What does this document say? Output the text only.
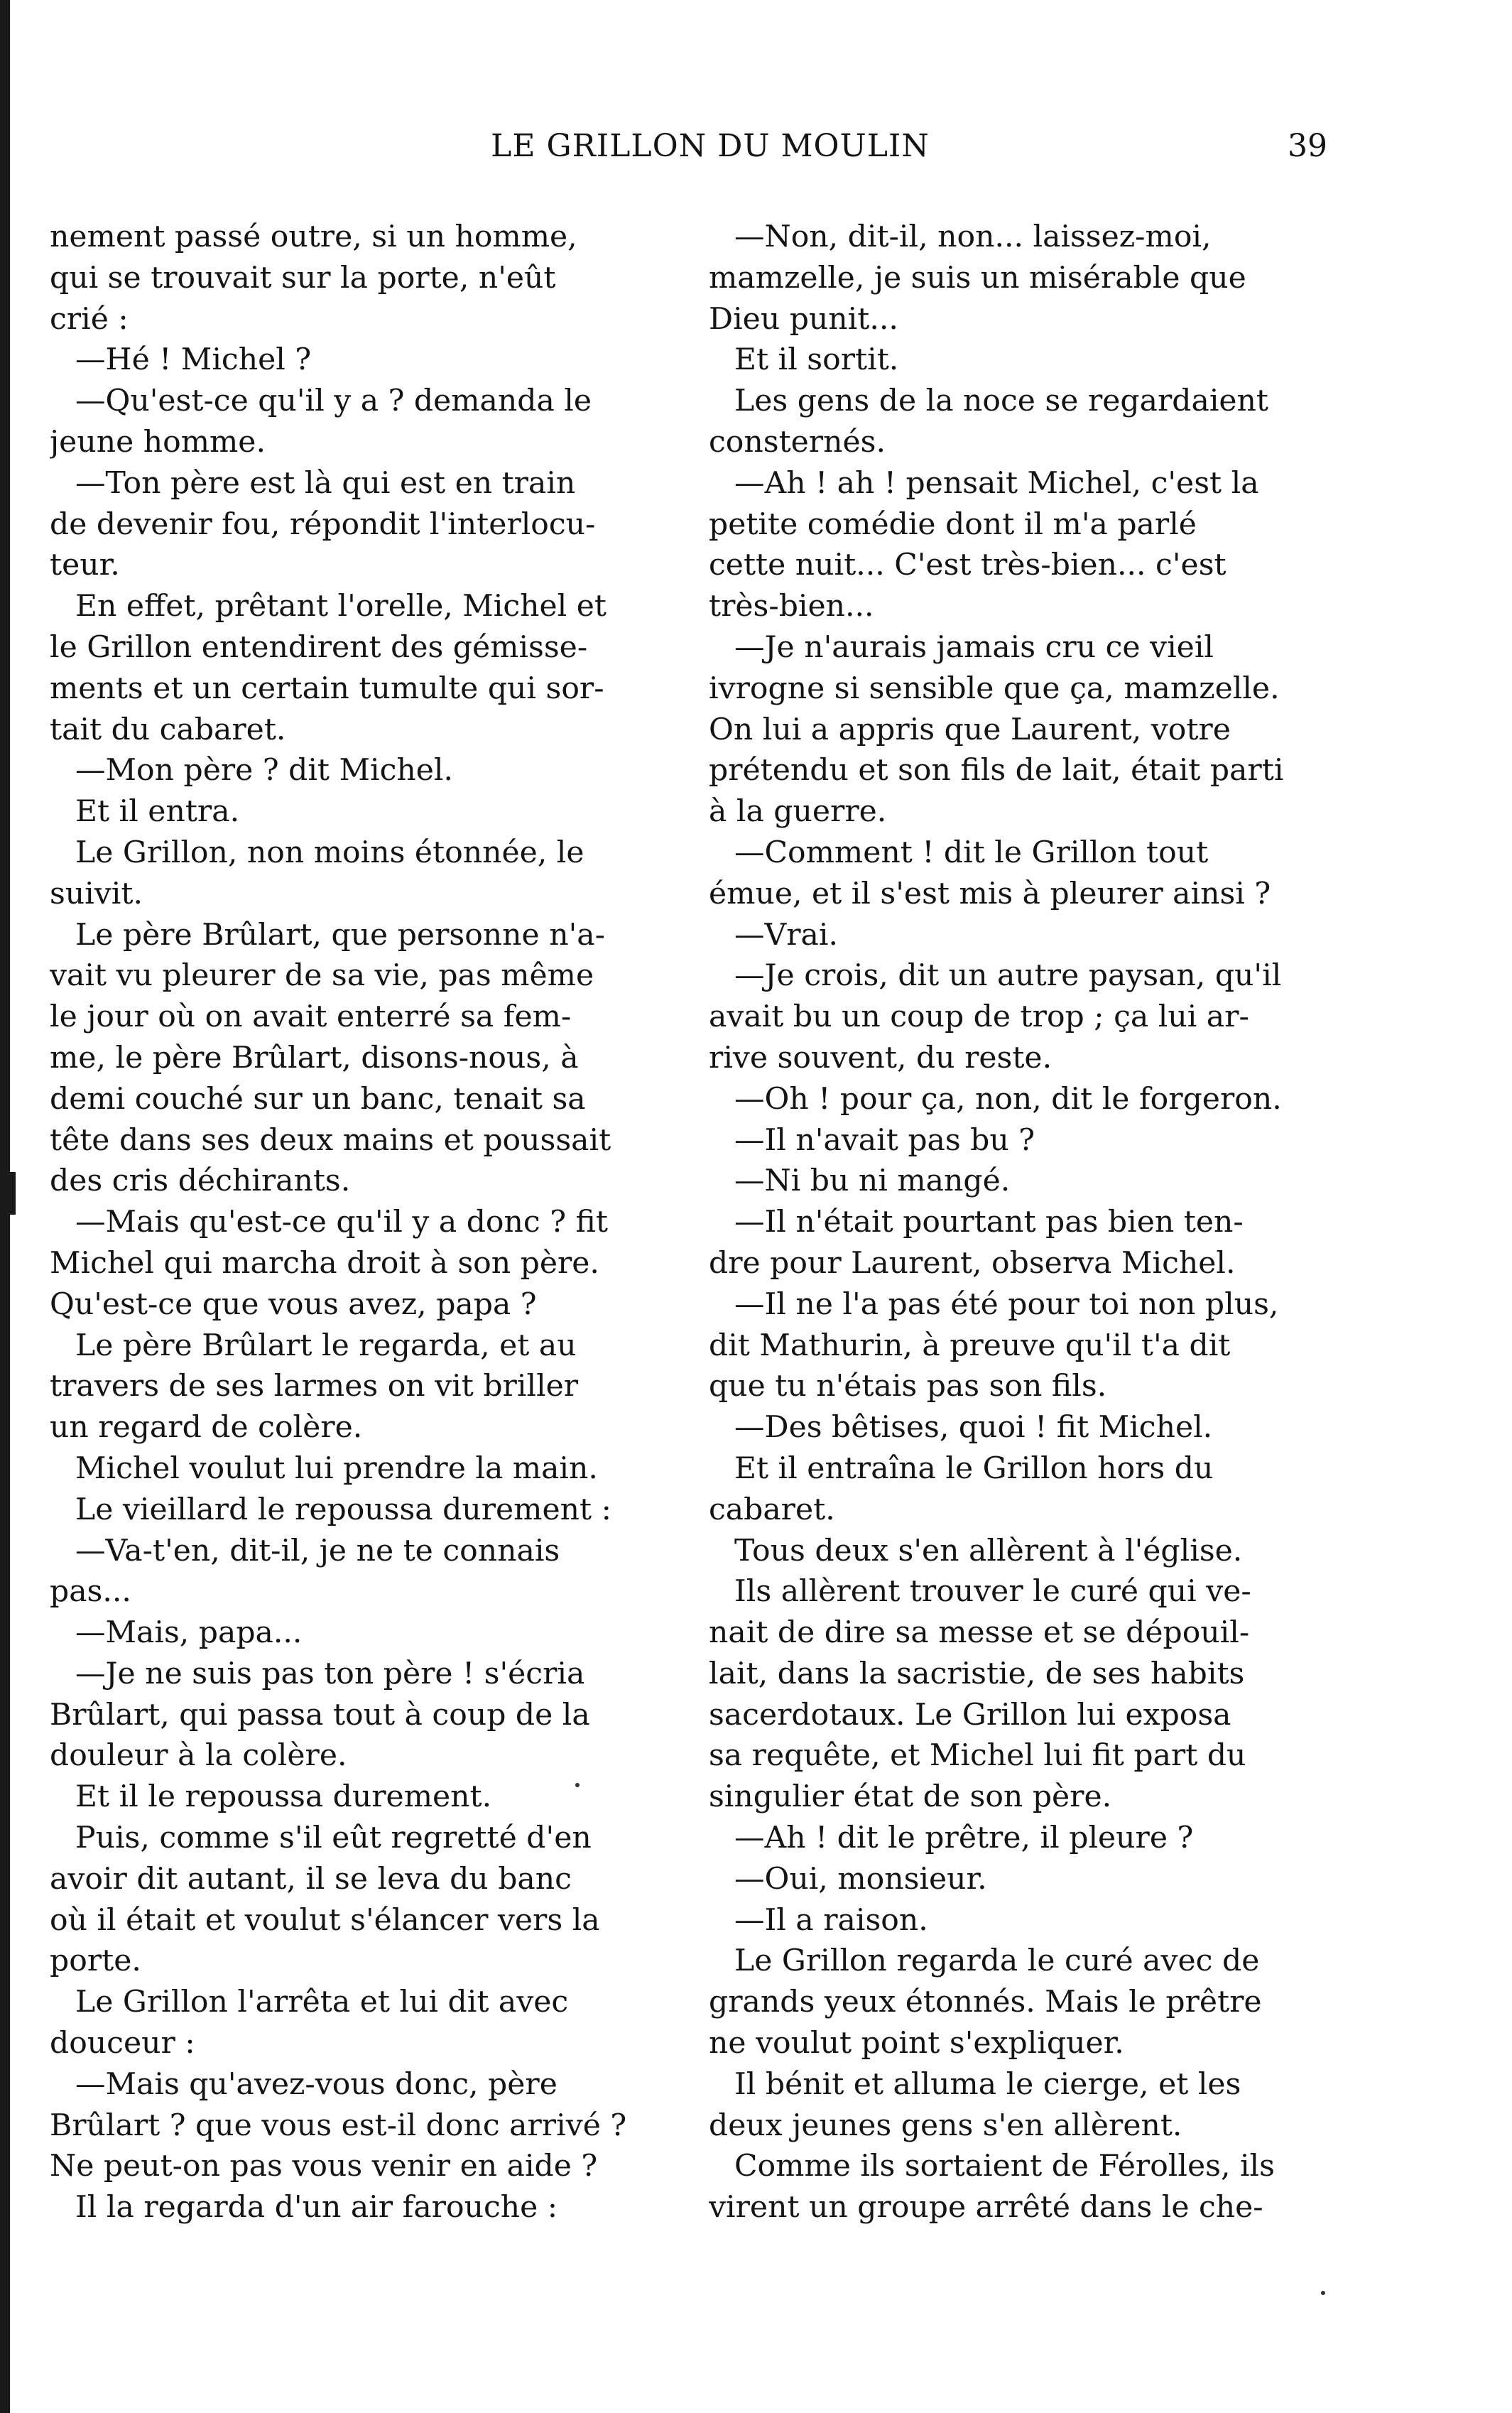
LE GRILLON DU MOULIN	39
nement passé outre, si un homme,
qui se trouvait sur la porte, n'eût
crié :
—Hé ! Michel ?
—Qu'est-ce qu'il y a ? demanda le
jeune homme.
—Ton père est là qui est en train
de devenir fou, répondit l'interlocu-
teur.
En effet, prêtant l'orelle, Michel et
le Grillon entendirent des gémisse-
ments et un certain tumulte qui sor-
tait du cabaret.
—Mon père ? dit Michel.
Et il entra.
Le Grillon, non moins étonnée, le
suivit.
Le père Brûlart, que personne n'a-
vait vu pleurer de sa vie, pas même
le jour où on avait enterré sa fem-
me, le père Brûlart, disons-nous, à
demi couché sur un banc, tenait sa
tête dans ses deux mains et poussait
des cris déchirants.
—Mais qu'est-ce qu'il y a donc ? fit
Michel qui marcha droit à son père.
Qu'est-ce que vous avez, papa ?
Le père Brûlart le regarda, et au
travers de ses larmes on vit briller
un regard de colère.
Michel voulut lui prendre la main.
Le vieillard le repoussa durement :
—Va-t'en, dit-il, je ne te connais
pas...
—Mais, papa...
—Je ne suis pas ton père ! s'écria
Brûlart, qui passa tout à coup de la
douleur à la colère.
Et il le repoussa durement.
Puis, comme s'il eût regretté d'en
avoir dit autant, il se leva du banc
où il était et voulut s'élancer vers la
porte.
Le Grillon l'arrêta et lui dit avec
douceur :
—Mais qu'avez-vous donc, père
Brûlart ? que vous est-il donc arrivé ?
Ne peut-on pas vous venir en aide ?
Il la regarda d'un air farouche :
—Non, dit-il, non... laissez-moi,
mamzelle, je suis un misérable que
Dieu punit...
Et il sortit.
Les gens de la noce se regardaient
consternés.
—Ah ! ah ! pensait Michel, c'est la
petite comédie dont il m'a parlé
cette nuit... C'est très-bien... c'est
très-bien...
—Je n'aurais jamais cru ce vieil
ivrogne si sensible que ça, mamzelle.
On lui a appris que Laurent, votre
prétendu et son fils de lait, était parti
à la guerre.
—Comment ! dit le Grillon tout
émue, et il s'est mis à pleurer ainsi ?
—Vrai.
—Je crois, dit un autre paysan, qu'il
avait bu un coup de trop ; ça lui ar-
rive souvent, du reste.
—Oh ! pour ça, non, dit le forgeron.
—Il n'avait pas bu ?
—Ni bu ni mangé.
—Il n'était pourtant pas bien ten-
dre pour Laurent, observa Michel.
—Il ne l'a pas été pour toi non plus,
dit Mathurin, à preuve qu'il t'a dit
que tu n'étais pas son fils.
—Des bêtises, quoi ! fit Michel.
Et il entraîna le Grillon hors du
cabaret.
Tous deux s'en allèrent à l'église.
Ils allèrent trouver le curé qui ve-
nait de dire sa messe et se dépouil-
lait, dans la sacristie, de ses habits
sacerdotaux. Le Grillon lui exposa
sa requête, et Michel lui fit part du
singulier état de son père.
—Ah ! dit le prêtre, il pleure ?
—Oui, monsieur.
—Il a raison.
Le Grillon regarda le curé avec de
grands yeux étonnés. Mais le prêtre
ne voulut point s'expliquer.
Il bénit et alluma le cierge, et les
deux jeunes gens s'en allèrent.
Comme ils sortaient de Férolles, ils
virent un groupe arrêté dans le che-
